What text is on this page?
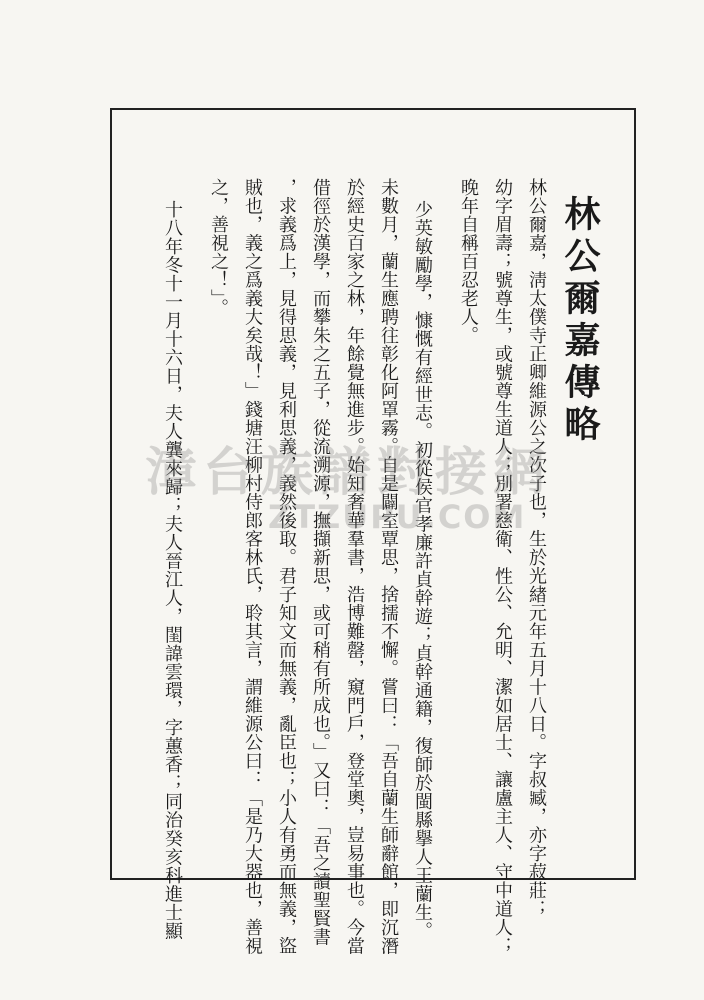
林公爾嘉傳略
林公爾嘉，淸太僕寺正卿維源公之次子也，生於光緖元年五月十八日。字叔臧，亦字菽莊；
幼字眉壽；號尊生，或號尊生道人；別署慈衛、性公、允明、潔如居士、讓盧主人、守中道人；
晚年自稱百忍老人。
少英敏勵學，慷慨有經世志。初從侯官孝廉許貞幹遊；貞幹通籍，復師於閩縣擧人王蘭生。
未數月，蘭生應聘往彰化阿罩霧。自是闢室覃思，捨擩不懈。嘗曰：「吾自蘭生師辭館，即沉潛
於經史百家之林，年餘覺無進步。始知奢華羣書，浩博難罄，窺門戶，登堂奧，豈易事也。今當
借徑於漢學，而攀朱之五子，從流溯源，撫擷新思，或可稍有所成也。」又曰：「吾之讀聖賢書
，求義爲上，見得思義，見利思義，義然後取。君子知文而無義，亂臣也；小人有勇而無義，盜
賊也，義之爲義大矣哉！」錢塘汪柳村侍郎客林氏，聆其言，謂維源公曰：「是乃大器也，善視
之，善視之！」。
十八年冬十一月十六日，夫人龔來歸；夫人晉江人，閨諱雲環，字蕙香；同治癸亥科進士顯
漳台族譜對接網
ZTZUPU.COM
